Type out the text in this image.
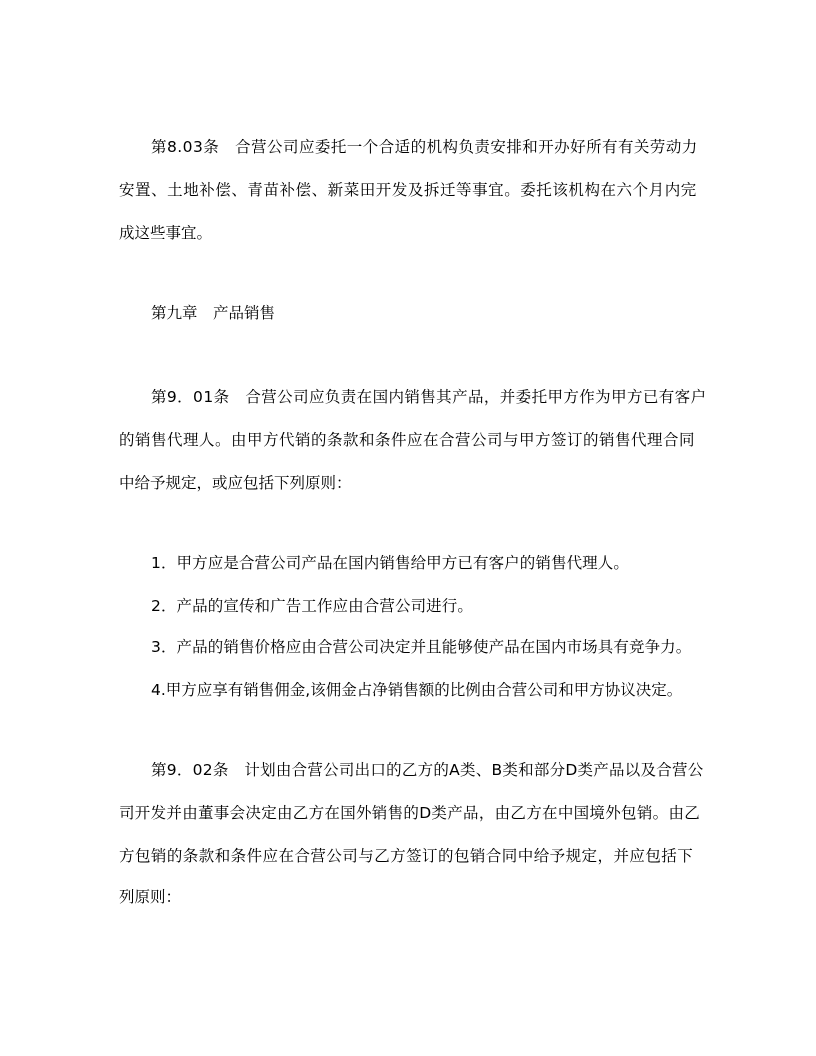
第8.03条　合营公司应委托一个合适的机构负责安排和开办好所有有关劳动力
安置、土地补偿、青苗补偿、新菜田开发及拆迁等事宜。委托该机构在六个月内完
成这些事宜。
第九章　产品销售
第9．01条　合营公司应负责在国内销售其产品，并委托甲方作为甲方已有客户
的销售代理人。由甲方代销的条款和条件应在合营公司与甲方签订的销售代理合同
中给予规定，或应包括下列原则：
1．甲方应是合营公司产品在国内销售给甲方已有客户的销售代理人。
2．产品的宣传和广告工作应由合营公司进行。
3．产品的销售价格应由合营公司决定并且能够使产品在国内市场具有竞争力。
4.甲方应享有销售佣金,该佣金占净销售额的比例由合营公司和甲方协议决定。
第9．02条　计划由合营公司出口的乙方的A类、B类和部分D类产品以及合营公
司开发并由董事会决定由乙方在国外销售的D类产品，由乙方在中国境外包销。由乙
方包销的条款和条件应在合营公司与乙方签订的包销合同中给予规定，并应包括下
列原则：
